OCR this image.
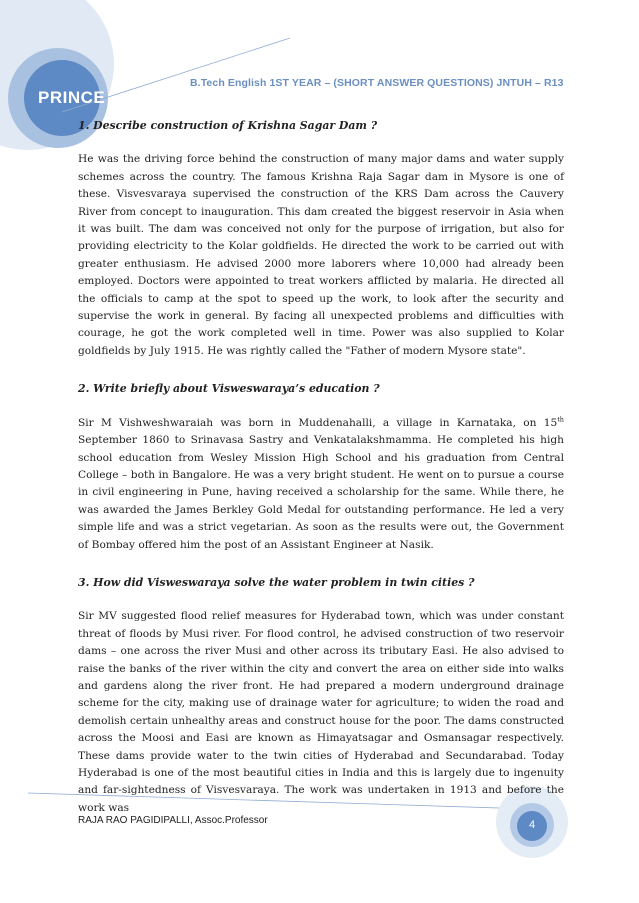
PRINCE
B.Tech English 1ST YEAR – (SHORT ANSWER QUESTIONS) JNTUH – R13

1. Describe construction of Krishna Sagar Dam ?

He was the driving force behind the construction of many major dams and water supply schemes across the country. The famous Krishna Raja Sagar dam in Mysore is one of these. Visvesvaraya supervised the construction of the KRS Dam across the Cauvery River from concept to inauguration. This dam created the biggest reservoir in Asia when it was built. The dam was conceived not only for the purpose of irrigation, but also for providing electricity to the Kolar goldfields. He directed the work to be carried out with greater enthusiasm. He advised 2000 more laborers where 10,000 had already been employed. Doctors were appointed to treat workers afflicted by malaria. He directed all the officials to camp at the spot to speed up the work, to look after the security and supervise the work in general. By facing all unexpected problems and difficulties with courage, he got the work completed well in time. Power was also supplied to Kolar goldfields by July 1915. He was rightly called the "Father of modern Mysore state".

2. Write briefly about Visweswaraya’s education ?

Sir M Vishweshwaraiah was born in Muddenahalli, a village in Karnataka, on 15th September 1860 to Srinavasa Sastry and Venkatalakshmamma. He completed his high school education from Wesley Mission High School and his graduation from Central College – both in Bangalore. He was a very bright student. He went on to pursue a course in civil engineering in Pune, having received a scholarship for the same. While there, he was awarded the James Berkley Gold Medal for outstanding performance. He led a very simple life and was a strict vegetarian. As soon as the results were out, the Government of Bombay offered him the post of an Assistant Engineer at Nasik.

3. How did Visweswaraya solve the water problem in twin cities ?

Sir MV suggested flood relief measures for Hyderabad town, which was under constant threat of floods by Musi river. For flood control, he advised construction of two reservoir dams – one across the river Musi and other across its tributary Easi. He also advised to raise the banks of the river within the city and convert the area on either side into walks and gardens along the river front. He had prepared a modern underground drainage scheme for the city, making use of drainage water for agriculture; to widen the road and demolish certain unhealthy areas and construct house for the poor. The dams constructed across the Moosi and Easi are known as Himayatsagar and Osmansagar respectively. These dams provide water to the twin cities of Hyderabad and Secundarabad. Today Hyderabad is one of the most beautiful cities in India and this is largely due to ingenuity and far-sightedness of Visvesvaraya. The work was undertaken in 1913 and before the work was

RAJA RAO PAGIDIPALLI, Assoc.Professor	4
